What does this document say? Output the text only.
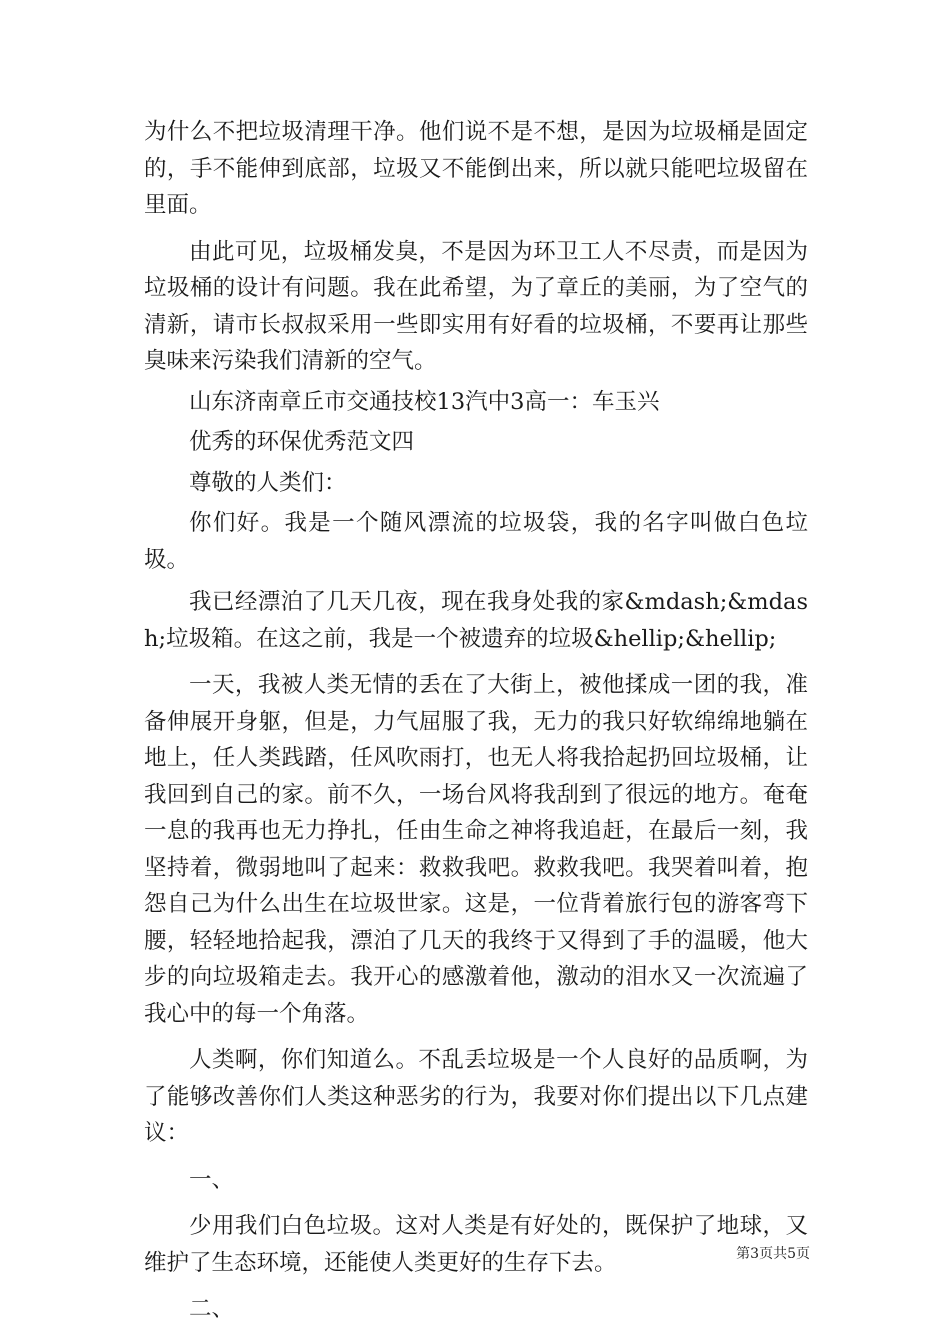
为什么不把垃圾清理干净。他们说不是不想，是因为垃圾桶是固定的，手不能伸到底部，垃圾又不能倒出来，所以就只能吧垃圾留在里面。

由此可见，垃圾桶发臭，不是因为环卫工人不尽责，而是因为垃圾桶的设计有问题。我在此希望，为了章丘的美丽，为了空气的清新，请市长叔叔采用一些即实用有好看的垃圾桶，不要再让那些臭味来污染我们清新的空气。

山东济南章丘市交通技校13汽中3高一：车玉兴

优秀的环保优秀范文四

尊敬的人类们：

你们好。我是一个随风漂流的垃圾袋，我的名字叫做白色垃圾。

我已经漂泊了几天几夜，现在我身处我的家&mdash;&mdash;垃圾箱。在这之前，我是一个被遗弃的垃圾&hellip;&hellip;

一天，我被人类无情的丢在了大街上，被他揉成一团的我，准备伸展开身躯，但是，力气屈服了我，无力的我只好软绵绵地躺在地上，任人类践踏，任风吹雨打，也无人将我拾起扔回垃圾桶，让我回到自己的家。前不久，一场台风将我刮到了很远的地方。奄奄一息的我再也无力挣扎，任由生命之神将我追赶，在最后一刻，我坚持着，微弱地叫了起来：救救我吧。救救我吧。我哭着叫着，抱怨自己为什么出生在垃圾世家。这是，一位背着旅行包的游客弯下腰，轻轻地拾起我，漂泊了几天的我终于又得到了手的温暖，他大步的向垃圾箱走去。我开心的感激着他，激动的泪水又一次流遍了我心中的每一个角落。

人类啊，你们知道么。不乱丢垃圾是一个人良好的品质啊，为了能够改善你们人类这种恶劣的行为，我要对你们提出以下几点建议：

一、

少用我们白色垃圾。这对人类是有好处的，既保护了地球，又维护了生态环境，还能使人类更好的生存下去。

二、

第3页共5页
